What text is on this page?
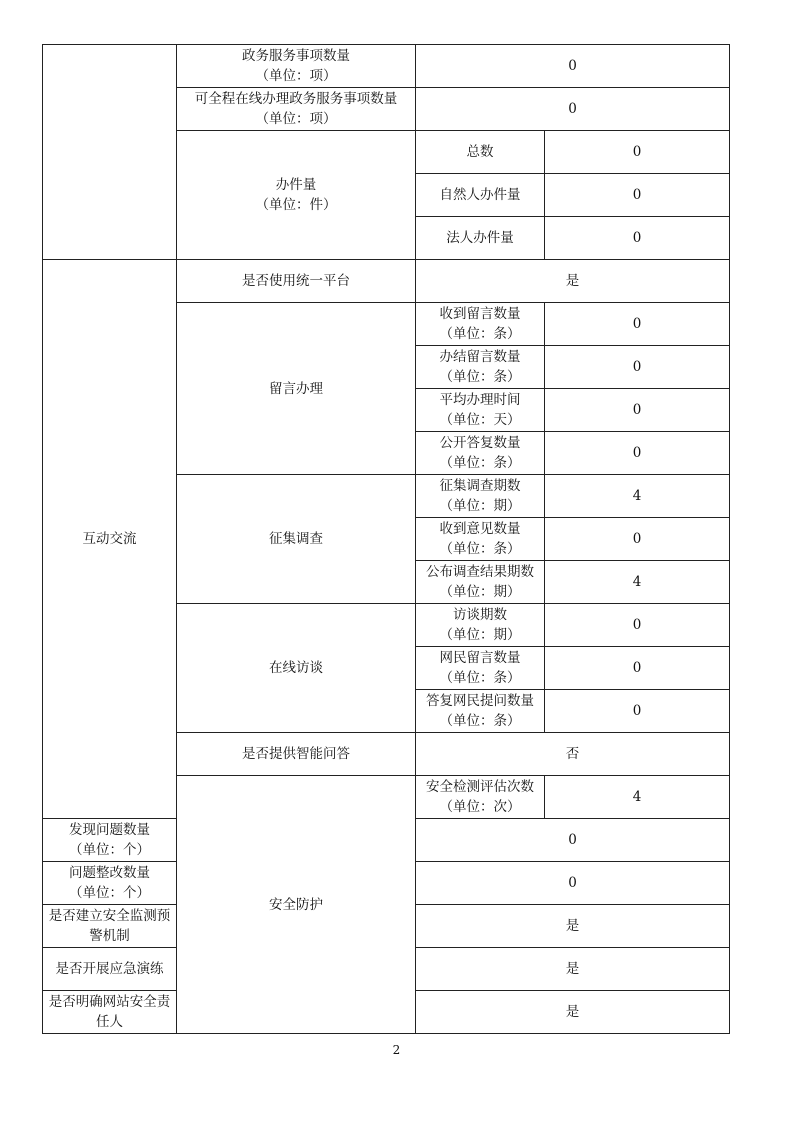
	政务服务事项数量
（单位：项）	0	

	可全程在线办理政务服务事项数量
（单位：项）	0	

	办件量
（单位：件）	总数	0
		自然人办件量	0
		法人办件量	0
互动交流	是否使用统一平台	是	
	留言办理	收到留言数量
（单位：条）	0

		办结留言数量
（单位：条）	0

		平均办理时间
（单位：天）	0

		公开答复数量
（单位：条）	0
	征集调查	征集调查期数
（单位：期）	4

		收到意见数量
（单位：条）	0

		公布调查结果期数
（单位：期）	4
	在线访谈	访谈期数
（单位：期）	0

		网民留言数量
（单位：条）	0

		答复网民提问数量
（单位：条）	0
	是否提供智能问答	否	
	安全防护	安全检测评估次数
（单位：次）	4

发现问题数量
（单位：个）		0	

问题整改数量
（单位：个）		0	
是否建立安全监测预警机制		是	
是否开展应急演练		是	
是否明确网站安全责任人		是	
2
